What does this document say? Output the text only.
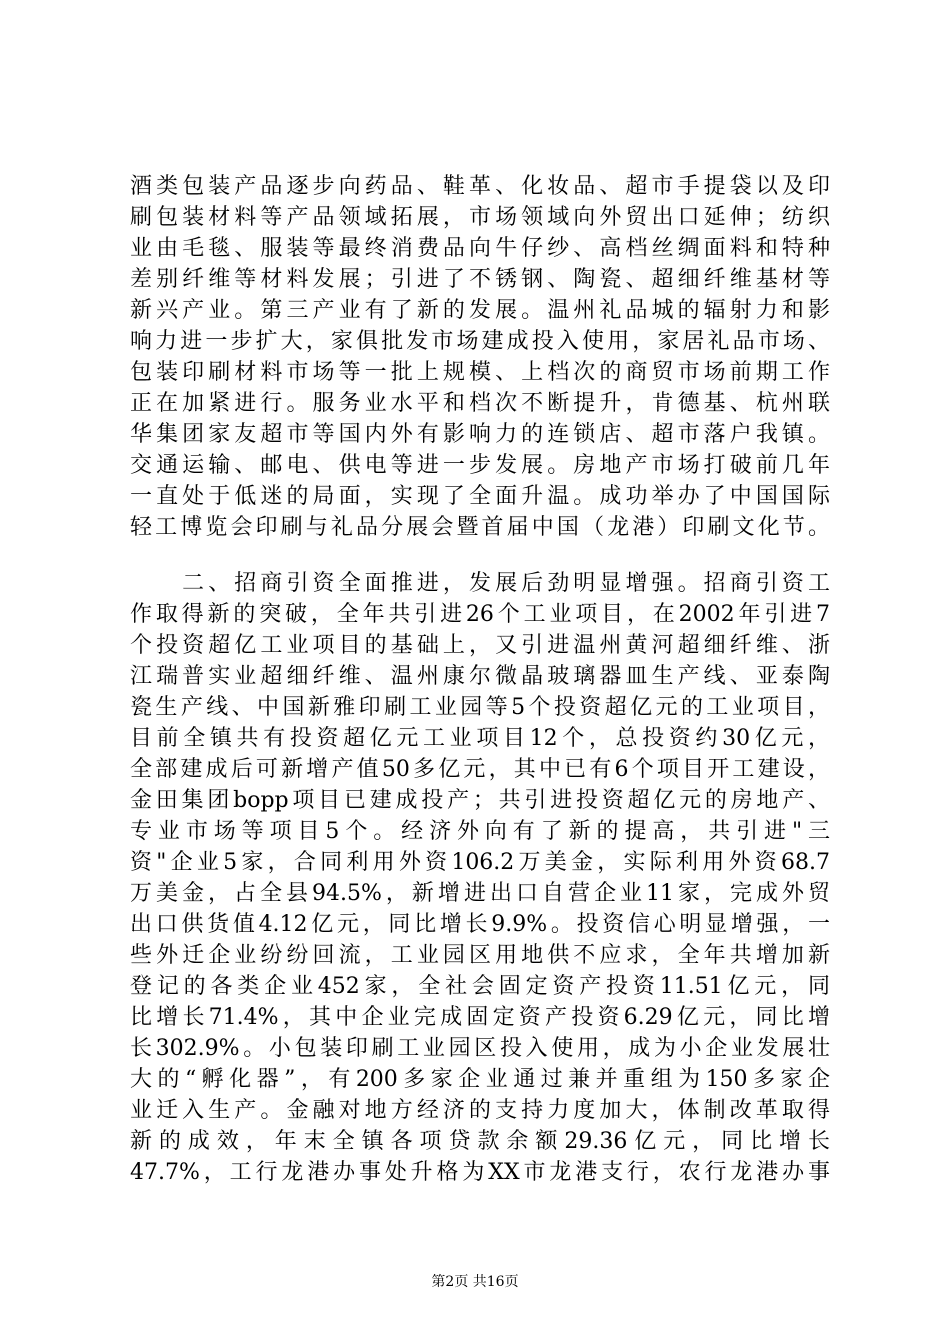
酒类包装产品逐步向药品、鞋革、化妆品、超市手提袋以及印
刷包装材料等产品领域拓展，市场领域向外贸出口延伸；纺织
业由毛毯、服装等最终消费品向牛仔纱、高档丝绸面料和特种
差别纤维等材料发展；引进了不锈钢、陶瓷、超细纤维基材等
新兴产业。第三产业有了新的发展。温州礼品城的辐射力和影
响力进一步扩大，家俱批发市场建成投入使用，家居礼品市场、
包装印刷材料市场等一批上规模、上档次的商贸市场前期工作
正在加紧进行。服务业水平和档次不断提升，肯德基、杭州联
华集团家友超市等国内外有影响力的连锁店、超市落户我镇。
交通运输、邮电、供电等进一步发展。房地产市场打破前几年
一直处于低迷的局面，实现了全面升温。成功举办了中国国际
轻工博览会印刷与礼品分展会暨首届中国（龙港）印刷文化节。
　　二、招商引资全面推进，发展后劲明显增强。招商引资工
作取得新的突破，全年共引进26个工业项目，在2002年引进7
个投资超亿工业项目的基础上，又引进温州黄河超细纤维、浙
江瑞普实业超细纤维、温州康尔微晶玻璃器皿生产线、亚泰陶
瓷生产线、中国新雅印刷工业园等5个投资超亿元的工业项目，
目前全镇共有投资超亿元工业项目12个，总投资约30亿元，
全部建成后可新增产值50多亿元，其中已有6个项目开工建设，
金田集团bopp项目已建成投产；共引进投资超亿元的房地产、
专业市场等项目5个。经济外向有了新的提高，共引进"三
资"企业5家，合同利用外资106.2万美金，实际利用外资68.7
万美金，占全县94.5%，新增进出口自营企业11家，完成外贸
出口供货值4.12亿元，同比增长9.9%。投资信心明显增强，一
些外迁企业纷纷回流，工业园区用地供不应求，全年共增加新
登记的各类企业452家，全社会固定资产投资11.51亿元，同
比增长71.4%，其中企业完成固定资产投资6.29亿元，同比增
长302.9%。小包装印刷工业园区投入使用，成为小企业发展壮
大的“孵化器”，有200多家企业通过兼并重组为150多家企
业迁入生产。金融对地方经济的支持力度加大，体制改革取得
新的成效，年末全镇各项贷款余额29.36亿元，同比增长
47.7%，工行龙港办事处升格为XX市龙港支行，农行龙港办事
第2页 共16页
